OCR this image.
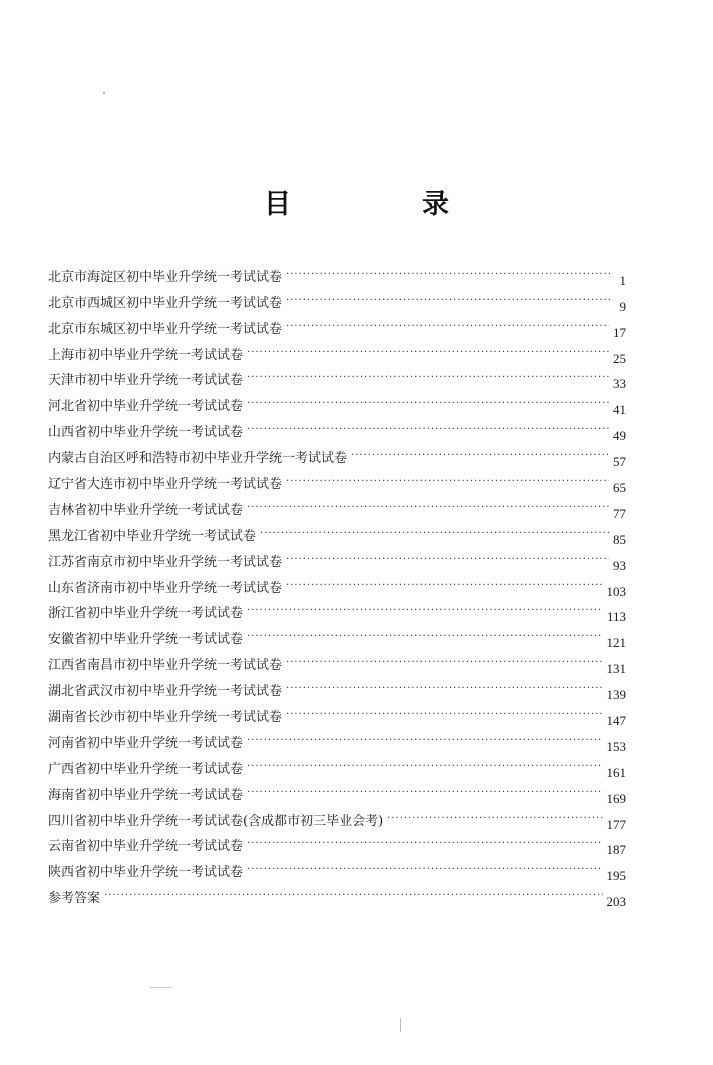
目　录
北京市海淀区初中毕业升学统一考试试卷 ·····	1
北京市西城区初中毕业升学统一考试试卷 ·····	9
北京市东城区初中毕业升学统一考试试卷 ·····	17
上海市初中毕业升学统一考试试卷 ·····	25
天津市初中毕业升学统一考试试卷 ·····	33
河北省初中毕业升学统一考试试卷 ·····	41
山西省初中毕业升学统一考试试卷 ·····	49
内蒙古自治区呼和浩特市初中毕业升学统一考试试卷 ·····	57
辽宁省大连市初中毕业升学统一考试试卷 ·····	65
吉林省初中毕业升学统一考试试卷 ·····	77
黑龙江省初中毕业升学统一考试试卷 ·····	85
江苏省南京市初中毕业升学统一考试试卷 ·····	93
山东省济南市初中毕业升学统一考试试卷 ·····	103
浙江省初中毕业升学统一考试试卷 ·····	113
安徽省初中毕业升学统一考试试卷 ·····	121
江西省南昌市初中毕业升学统一考试试卷 ·····	131
湖北省武汉市初中毕业升学统一考试试卷 ·····	139
湖南省长沙市初中毕业升学统一考试试卷 ·····	147
河南省初中毕业升学统一考试试卷 ·····	153
广西省初中毕业升学统一考试试卷 ·····	161
海南省初中毕业升学统一考试试卷 ·····	169
四川省初中毕业升学统一考试试卷(含成都市初三毕业会考) ·····	177
云南省初中毕业升学统一考试试卷 ·····	187
陕西省初中毕业升学统一考试试卷 ·····	195
参考答案 ·····	203
